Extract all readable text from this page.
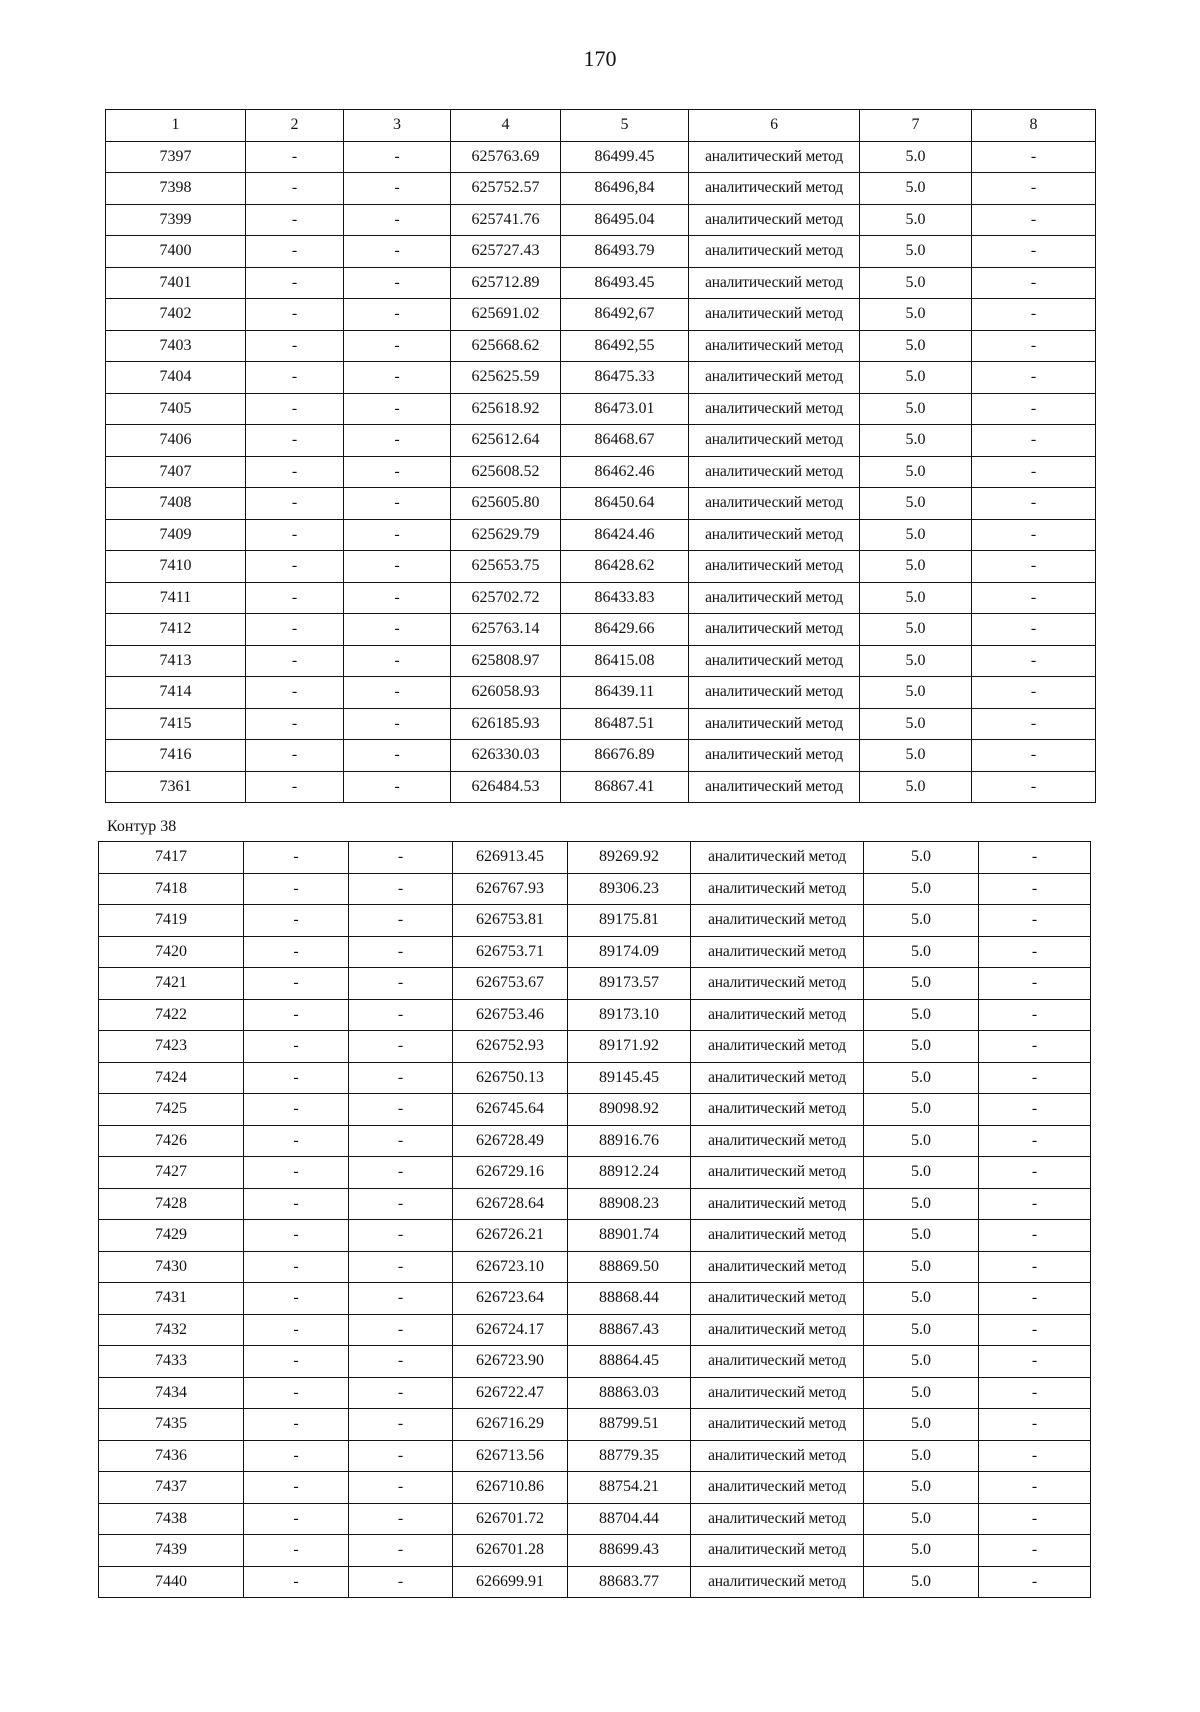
170
1	2	3	4	5	6	7	8
7397	-	-	625763.69	86499.45	аналитический метод	5.0	-
7398	-	-	625752.57	86496,84	аналитический метод	5.0	-
7399	-	-	625741.76	86495.04	аналитический метод	5.0	-
7400	-	-	625727.43	86493.79	аналитический метод	5.0	-
7401	-	-	625712.89	86493.45	аналитический метод	5.0	-
7402	-	-	625691.02	86492,67	аналитический метод	5.0	-
7403	-	-	625668.62	86492,55	аналитический метод	5.0	-
7404	-	-	625625.59	86475.33	аналитический метод	5.0	-
7405	-	-	625618.92	86473.01	аналитический метод	5.0	-
7406	-	-	625612.64	86468.67	аналитический метод	5.0	-
7407	-	-	625608.52	86462.46	аналитический метод	5.0	-
7408	-	-	625605.80	86450.64	аналитический метод	5.0	-
7409	-	-	625629.79	86424.46	аналитический метод	5.0	-
7410	-	-	625653.75	86428.62	аналитический метод	5.0	-
7411	-	-	625702.72	86433.83	аналитический метод	5.0	-
7412	-	-	625763.14	86429.66	аналитический метод	5.0	-
7413	-	-	625808.97	86415.08	аналитический метод	5.0	-
7414	-	-	626058.93	86439.11	аналитический метод	5.0	-
7415	-	-	626185.93	86487.51	аналитический метод	5.0	-
7416	-	-	626330.03	86676.89	аналитический метод	5.0	-
7361	-	-	626484.53	86867.41	аналитический метод	5.0	-
Контур 38
7417	-	-	626913.45	89269.92	аналитический метод	5.0	-
7418	-	-	626767.93	89306.23	аналитический метод	5.0	-
7419	-	-	626753.81	89175.81	аналитический метод	5.0	-
7420	-	-	626753.71	89174.09	аналитический метод	5.0	-
7421	-	-	626753.67	89173.57	аналитический метод	5.0	-
7422	-	-	626753.46	89173.10	аналитический метод	5.0	-
7423	-	-	626752.93	89171.92	аналитический метод	5.0	-
7424	-	-	626750.13	89145.45	аналитический метод	5.0	-
7425	-	-	626745.64	89098.92	аналитический метод	5.0	-
7426	-	-	626728.49	88916.76	аналитический метод	5.0	-
7427	-	-	626729.16	88912.24	аналитический метод	5.0	-
7428	-	-	626728.64	88908.23	аналитический метод	5.0	-
7429	-	-	626726.21	88901.74	аналитический метод	5.0	-
7430	-	-	626723.10	88869.50	аналитический метод	5.0	-
7431	-	-	626723.64	88868.44	аналитический метод	5.0	-
7432	-	-	626724.17	88867.43	аналитический метод	5.0	-
7433	-	-	626723.90	88864.45	аналитический метод	5.0	-
7434	-	-	626722.47	88863.03	аналитический метод	5.0	-
7435	-	-	626716.29	88799.51	аналитический метод	5.0	-
7436	-	-	626713.56	88779.35	аналитический метод	5.0	-
7437	-	-	626710.86	88754.21	аналитический метод	5.0	-
7438	-	-	626701.72	88704.44	аналитический метод	5.0	-
7439	-	-	626701.28	88699.43	аналитический метод	5.0	-
7440	-	-	626699.91	88683.77	аналитический метод	5.0	-
